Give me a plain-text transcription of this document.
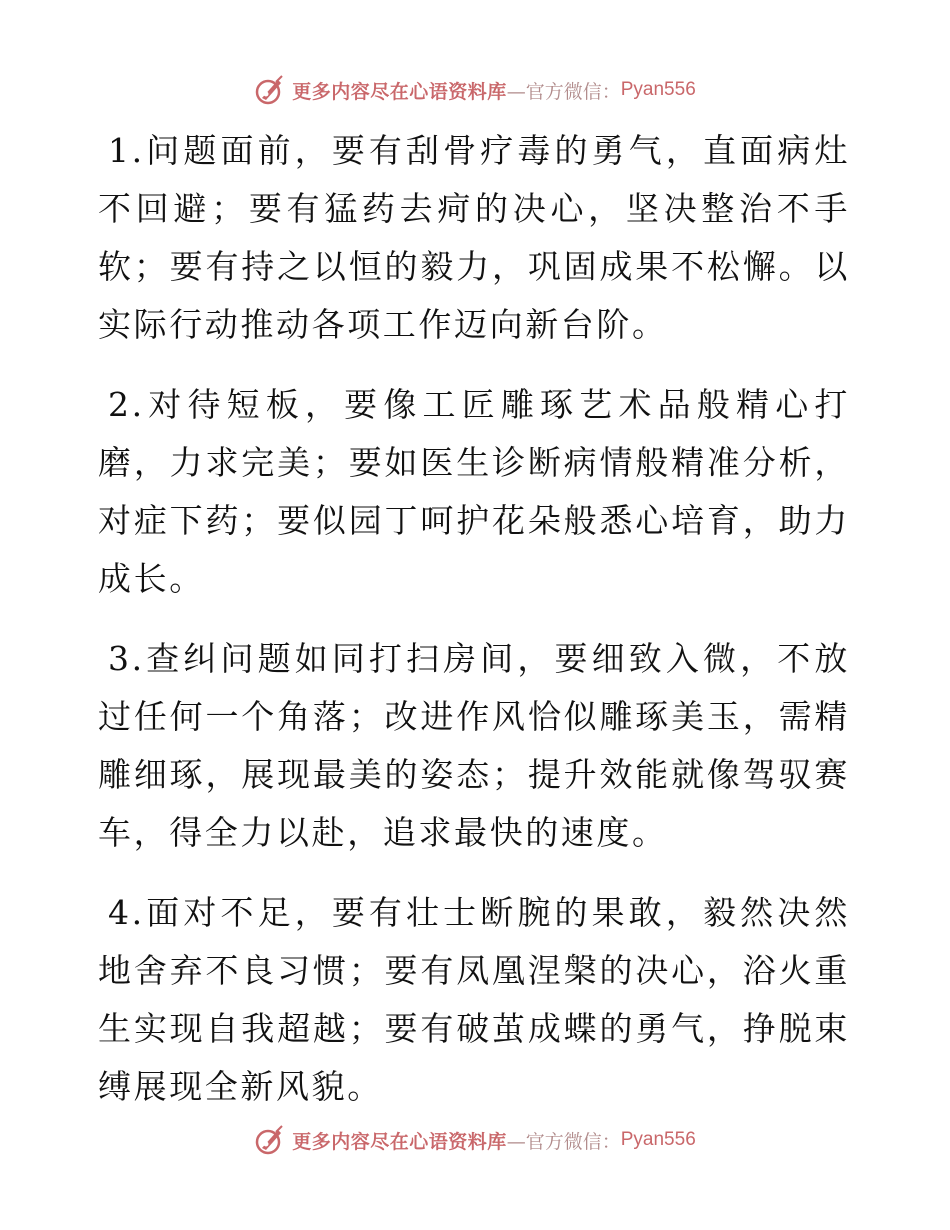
更多内容尽在心语资料库 —官方微信： Pyan556

1.问题面前，要有刮骨疗毒的勇气，直面病灶不回避；要有猛药去疴的决心，坚决整治不手软；要有持之以恒的毅力，巩固成果不松懈。以实际行动推动各项工作迈向新台阶。

2.对待短板，要像工匠雕琢艺术品般精心打磨，力求完美；要如医生诊断病情般精准分析，对症下药；要似园丁呵护花朵般悉心培育，助力成长。

3.查纠问题如同打扫房间，要细致入微，不放过任何一个角落；改进作风恰似雕琢美玉，需精雕细琢，展现最美的姿态；提升效能就像驾驭赛车，得全力以赴，追求最快的速度。

4.面对不足，要有壮士断腕的果敢，毅然决然地舍弃不良习惯；要有凤凰涅槃的决心，浴火重生实现自我超越；要有破茧成蝶的勇气，挣脱束缚展现全新风貌。

更多内容尽在心语资料库 —官方微信： Pyan556
